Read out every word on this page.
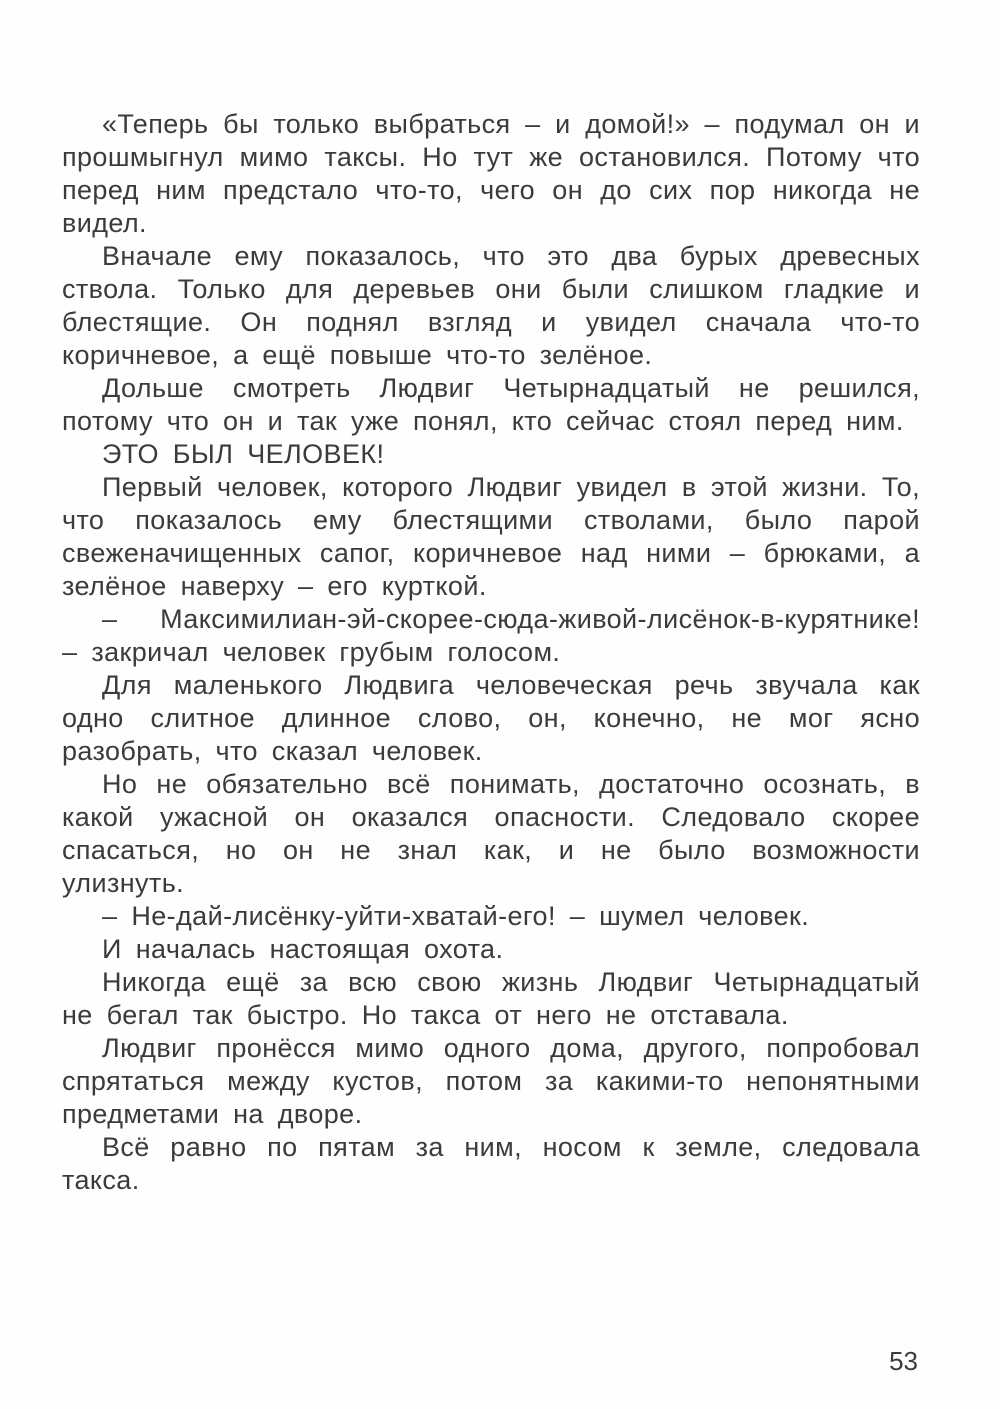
«Теперь бы только выбраться – и домой!» – подумал он и прошмыгнул мимо таксы. Но тут же остановился. Потому что перед ним предстало что-то, чего он до сих пор никогда не видел.

Вначале ему показалось, что это два бурых древесных ствола. Только для деревьев они были слишком гладкие и блестящие. Он поднял взгляд и увидел сначала что-то коричневое, а ещё повыше что-то зелёное.

Дольше смотреть Людвиг Четырнадцатый не решился, потому что он и так уже понял, кто сейчас стоял перед ним.

ЭТО БЫЛ ЧЕЛОВЕК!

Первый человек, которого Людвиг увидел в этой жизни. То, что показалось ему блестящими стволами, было парой свеженачищенных сапог, коричневое над ними – брюками, а зелёное наверху – его курткой.

– Максимилиан-эй-скорее-сюда-живой-лисёнок-в-курятнике! – закричал человек грубым голосом.

Для маленького Людвига человеческая речь звучала как одно слитное длинное слово, он, конечно, не мог ясно разобрать, что сказал человек.

Но не обязательно всё понимать, достаточно осознать, в какой ужасной он оказался опасности. Следовало скорее спасаться, но он не знал как, и не было возможности улизнуть.

– Не-дай-лисёнку-уйти-хватай-его! – шумел человек.

И началась настоящая охота.

Никогда ещё за всю свою жизнь Людвиг Четырнадцатый не бегал так быстро. Но такса от него не отставала.

Людвиг пронёсся мимо одного дома, другого, попробовал спрятаться между кустов, потом за какими-то непонятными предметами на дворе.

Всё равно по пятам за ним, носом к земле, следовала такса.

53
